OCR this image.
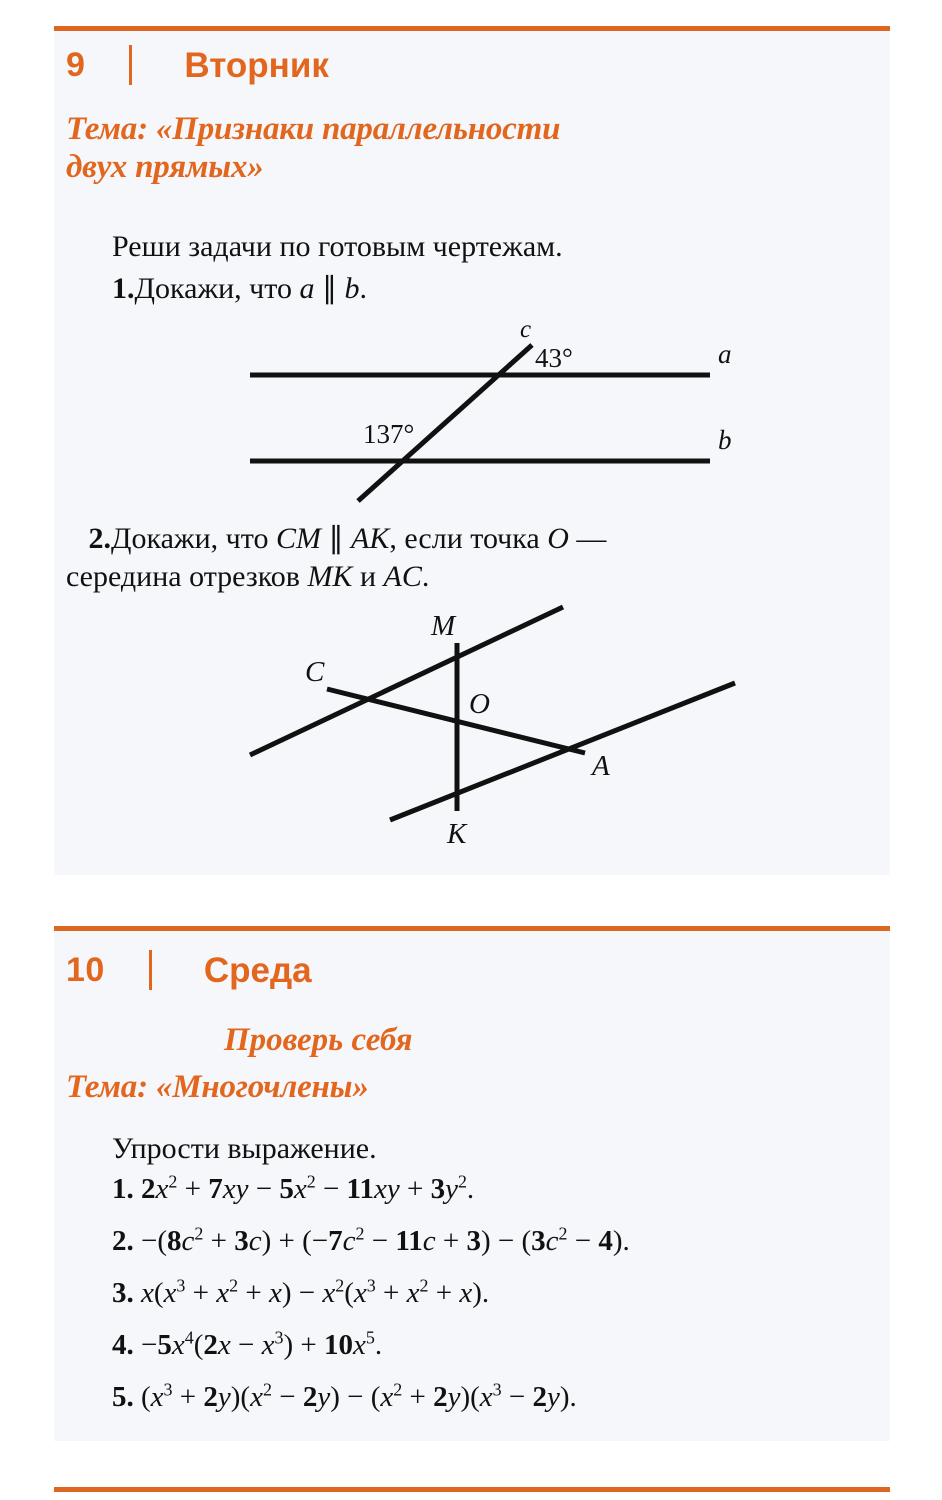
9	Вторник
Тема: «Признаки параллельности
двух прямых»
Реши задачи по готовым чертежам.
1.Докажи, что a ∥ b.
a
b
c
43°
137°
2.Докажи, что CM ∥ AK, если точка O —
середина отрезков MK и AC.
M
C
O
A
K
10	Среда
Проверь себя
Тема: «Многочлены»
Упрости выражение.
1. $2x^2 + 7xy - 5x^2 - 11xy + 3y^2$.
2. $-(8c^2 + 3c) + (-7c^2 - 11c + 3) - (3c^2 - 4)$.
3. $x(x^3 + x^2 + x) - x^2(x^3 + x^2 + x)$.
4. $-5x^4(2x - x^3) + 10x^5$.
5. $(x^3 + 2y)(x^2 - 2y) - (x^2 + 2y)(x^3 - 2y)$.
